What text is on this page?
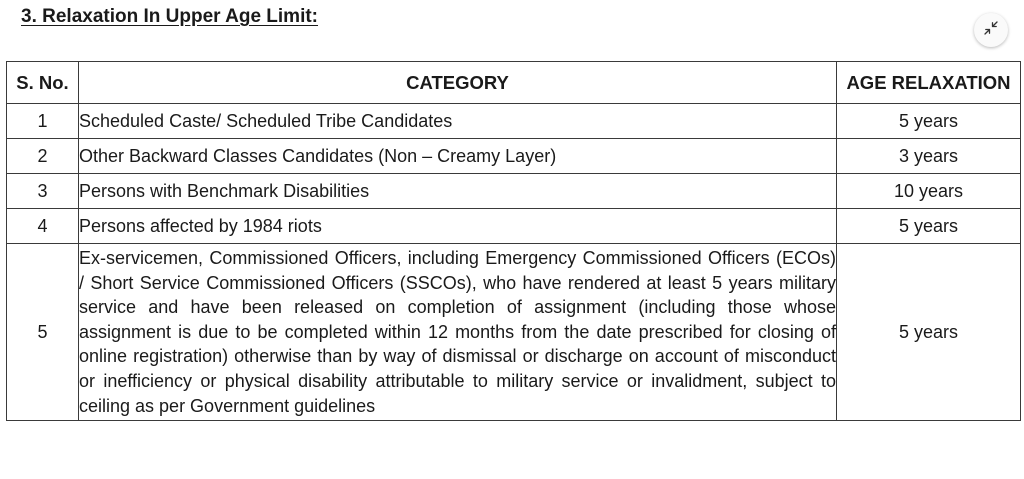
3. Relaxation In Upper Age Limit:
S. No.	CATEGORY	AGE RELAXATION
1	Scheduled Caste/ Scheduled Tribe Candidates	5 years
2	Other Backward Classes Candidates (Non – Creamy Layer)	3 years
3	Persons with Benchmark Disabilities	10 years
4	Persons affected by 1984 riots	5 years
5	Ex-servicemen, Commissioned Officers, including Emergency Commissioned Officers (ECOs) / Short Service Commissioned Officers (SSCOs), who have rendered at least 5 years military service and have been released on completion of assignment (including those whose assignment is due to be completed within 12 months from the date prescribed for closing of online registration) otherwise than by way of dismissal or discharge on account of misconduct or inefficiency or physical disability attributable to military service or invalidment, subject to ceiling as per Government guidelines	5 years
